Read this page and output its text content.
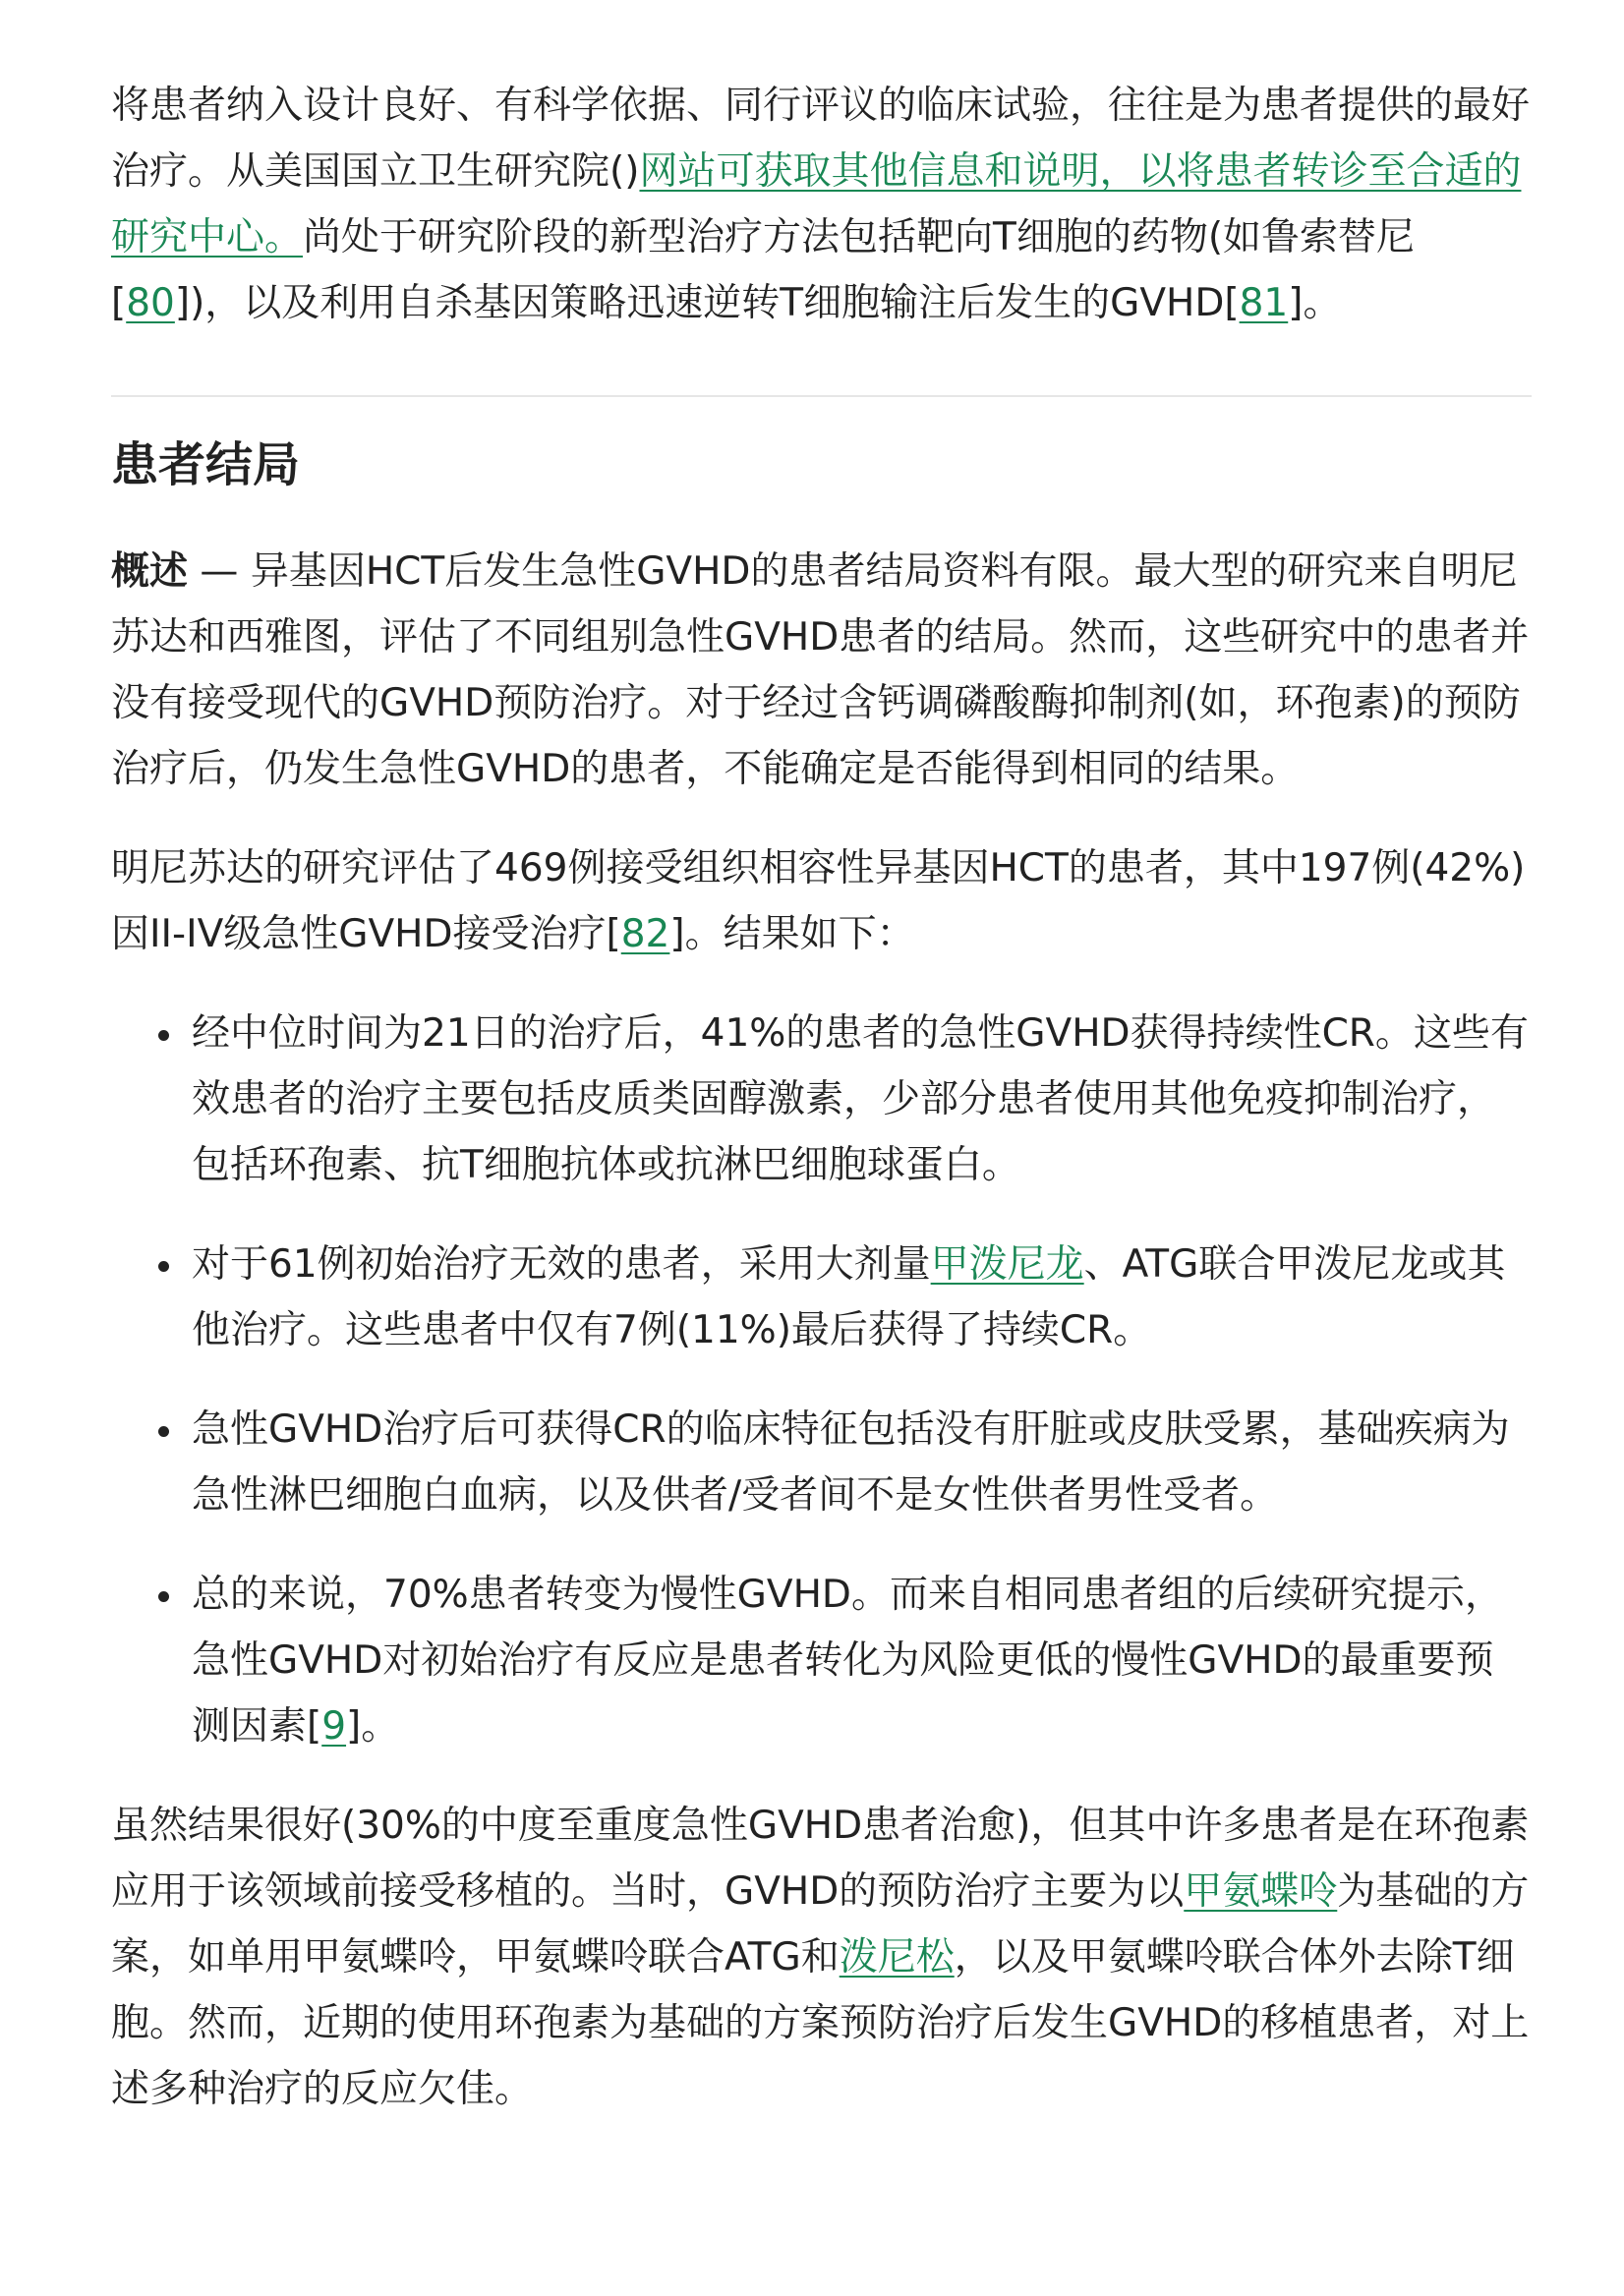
将患者纳入设计良好、有科学依据、同行评议的临床试验，往往是为患者提供的最好治疗。从美国国立卫生研究院()网站可获取其他信息和说明，以将患者转诊至合适的研究中心。尚处于研究阶段的新型治疗方法包括靶向T细胞的药物(如鲁索替尼[80])，以及利用自杀基因策略迅速逆转T细胞输注后发生的GVHD[81]。

患者结局

概述 — 异基因HCT后发生急性GVHD的患者结局资料有限。最大型的研究来自明尼苏达和西雅图，评估了不同组别急性GVHD患者的结局。然而，这些研究中的患者并没有接受现代的GVHD预防治疗。对于经过含钙调磷酸酶抑制剂(如，环孢素)的预防治疗后，仍发生急性GVHD的患者，不能确定是否能得到相同的结果。

明尼苏达的研究评估了469例接受组织相容性异基因HCT的患者，其中197例(42%)因II-IV级急性GVHD接受治疗[82]。结果如下：

经中位时间为21日的治疗后，41%的患者的急性GVHD获得持续性CR。这些有效患者的治疗主要包括皮质类固醇激素，少部分患者使用其他免疫抑制治疗，包括环孢素、抗T细胞抗体或抗淋巴细胞球蛋白。
对于61例初始治疗无效的患者，采用大剂量甲泼尼龙、ATG联合甲泼尼龙或其他治疗。这些患者中仅有7例(11%)最后获得了持续CR。
急性GVHD治疗后可获得CR的临床特征包括没有肝脏或皮肤受累，基础疾病为急性淋巴细胞白血病，以及供者/受者间不是女性供者男性受者。
总的来说，70%患者转变为慢性GVHD。而来自相同患者组的后续研究提示，急性GVHD对初始治疗有反应是患者转化为风险更低的慢性GVHD的最重要预测因素[9]。

虽然结果很好(30%的中度至重度急性GVHD患者治愈)，但其中许多患者是在环孢素应用于该领域前接受移植的。当时，GVHD的预防治疗主要为以甲氨蝶呤为基础的方案，如单用甲氨蝶呤，甲氨蝶呤联合ATG和泼尼松，以及甲氨蝶呤联合体外去除T细胞。然而，近期的使用环孢素为基础的方案预防治疗后发生GVHD的移植患者，对上述多种治疗的反应欠佳。
